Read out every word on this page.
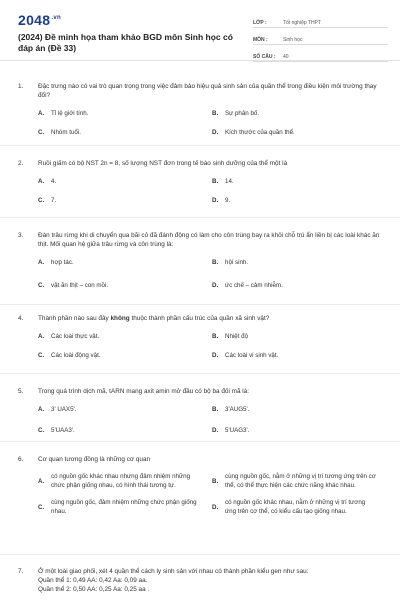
$2048^{.vn}$
(2024) Đề minh họa tham khảo BGD môn Sinh học có đáp án (Đề 33)
LỚP :	Tốt nghiệp THPT
MÔN :	Sinh học
SỐ CÂU :	40
1.	Đặc trưng nào có vai trò quan trọng trong việc đảm bảo hiệu quả sinh sản của quần thể trong điều kiện môi trường thay đổi?
A.	Tỉ lệ giới tính.	B.	Sự phân bố.
C.	Nhóm tuổi.	D.	Kích thước của quần thể.
2.	Ruồi giấm có bộ NST 2n = 8, số lượng NST đơn trong tế bào sinh dưỡng của thể một là
A.	4.	B.	14.
C.	7.	D.	9.
3.	Đàn trâu rừng khi di chuyển qua bãi cỏ đã đánh động có làm cho côn trùng bay ra khỏi chỗ trú ẩn liền bị các loài khác ăn thịt. Mối quan hệ giữa trâu rừng và côn trùng là:
A.	hợp tác.	B.	hội sinh.
C.	vật ăn thịt – con mồi.	D.	ức chế – cảm nhiễm.
4.	Thành phần nào sau đây không thuộc thành phần cấu trúc của quần xã sinh vật?
A.	Các loài thực vật.	B.	Nhiệt độ
C.	Các loài động vật.	D.	Các loài vi sinh vật.
5.	Trong quá trình dịch mã, tARN mang axit amin mở đầu có bộ ba đối mã là:
A.	3' UAX5'.	B.	3'AUG5'.
C.	5'UAA3'.	D.	5'UAG3'.
6.	Cơ quan tương đồng là những cơ quan
A.
có nguồn gốc khác nhau nhưng đảm nhiệm những chức phận giống nhau, có hình thái tương tự.
B.
cùng nguồn gốc, nằm ở những vị trí tương ứng trên cơ thể, có thể thực hiện các chức năng khác nhau.
C.
cùng nguồn gốc, đảm nhiệm những chức phận giống nhau.
D.
có nguồn gốc khác nhau, nằm ở những vị trí tương ứng trên cơ thể, có kiểu cấu tạo giống nhau.
7.	Ở một loài giao phối, xét 4 quần thể cách ly sinh sản với nhau có thành phần kiểu gen như sau:
Quần thể 1: 0,49 AA: 0,42 Aa: 0,09 aa.
Quần thể 2: 0,50 AA: 0,25 Aa: 0,25 aa .
